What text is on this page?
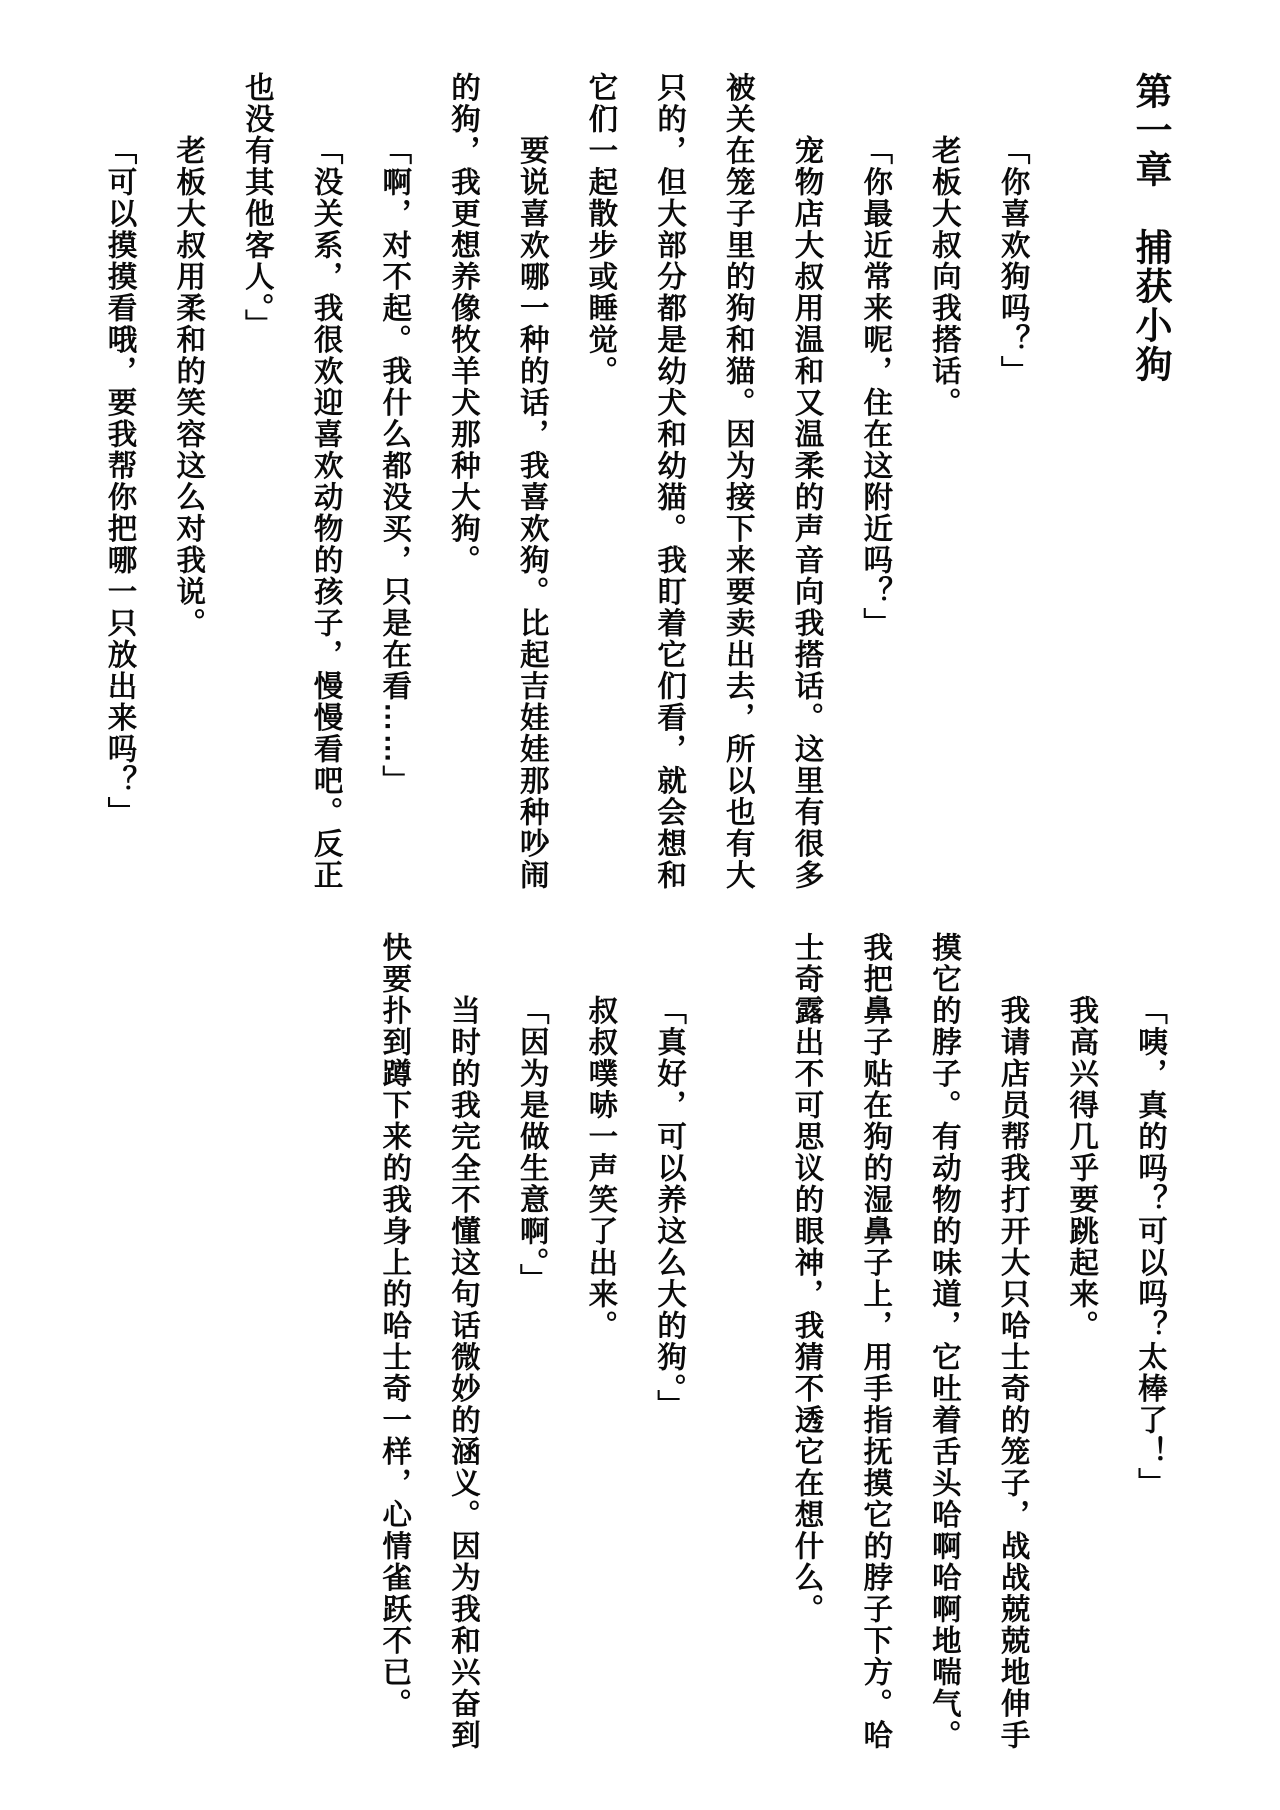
第一章　捕获小狗
「你喜欢狗吗？」
老板大叔向我搭话。
「你最近常来呢，住在这附近吗？」
宠物店大叔用温和又温柔的声音向我搭话。这里有很多
被关在笼子里的狗和猫。因为接下来要卖出去，所以也有大
只的，但大部分都是幼犬和幼猫。我盯着它们看，就会想和
它们一起散步或睡觉。
要说喜欢哪一种的话，我喜欢狗。比起吉娃娃那种吵闹
的狗，我更想养像牧羊犬那种大狗。
「啊，对不起。我什么都没买，只是在看……」
「没关系，我很欢迎喜欢动物的孩子，慢慢看吧。反正
也没有其他客人。」
老板大叔用柔和的笑容这么对我说。
「可以摸摸看哦，要我帮你把哪一只放出来吗？」
「咦，真的吗？可以吗？太棒了！」
我高兴得几乎要跳起来。
我请店员帮我打开大只哈士奇的笼子，战战兢兢地伸手
摸它的脖子。有动物的味道，它吐着舌头哈啊哈啊地喘气。
我把鼻子贴在狗的湿鼻子上，用手指抚摸它的脖子下方。哈
士奇露出不可思议的眼神，我猜不透它在想什么。
「真好，可以养这么大的狗。」
叔叔噗哧一声笑了出来。
「因为是做生意啊。」
当时的我完全不懂这句话微妙的涵义。因为我和兴奋到
快要扑到蹲下来的我身上的哈士奇一样，心情雀跃不已。
